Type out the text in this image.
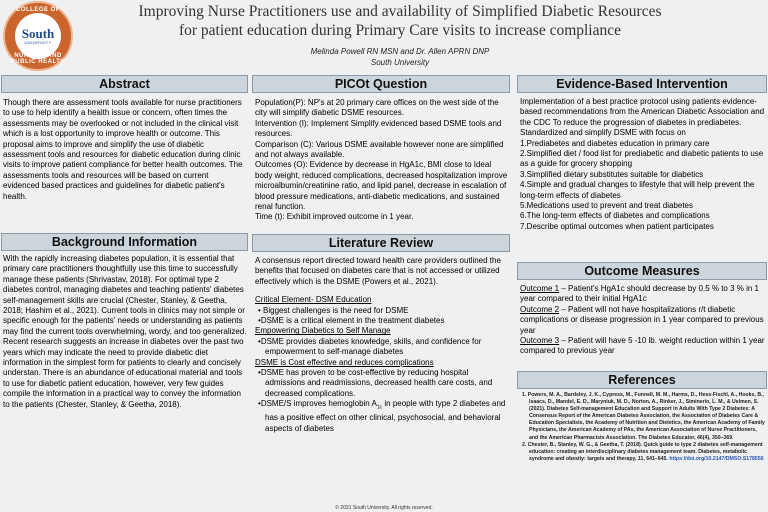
COLLEGE OF
South
UNIVERSITY
NURSING AND PUBLIC HEALTH
Improving Nurse Practitioners use and availability of Simplified Diabetic Resources
for patient education during Primary Care visits to increase compliance
Melinda Powell RN MSN and Dr. Allen APRN DNP
South University
Abstract
Though there are assessment tools available for nurse practitioners to use to help identify a health issue or concern, often times the assessments may be overlooked or not included in the clinical visit which is a lost opportunity to improve health or outcome. This proposal aims to improve and simplify the use of diabetic assessment tools and resources for diabetic education during clinic visits to improve patient compliance for better health outcomes. The assessments tools and resources will be based on current evidenced based practices and guidelines for diabetic patient's health.
Background Information
With the rapidly increasing diabetes population, it is essential that primary care practitioners thoughtfully use this time to successfully manage these patients (Shrivastav, 2018). For optimal type 2 diabetes control, managing diabetes and teaching patients' diabetes self-management skills are crucial (Chester, Stanley, & Geetha, 2018; Hashim et al., 2021). Current tools in clinics may not simple or specific enough for the patients' needs or understanding as patients may find the current tools overwhelming, wordy, and too generalized. Recent research suggests an increase in diabetes over the past two years which may indicate the need to provide diabetic diet information in the simplest form for patients to clearly and concisely understan. There is an abundance of educational material and tools to use for diabetic patient education, however, very few guides compile the information in a practical way to convey the information to the patients (Chester, Stanley, & Geetha, 2018).
PICOt Question

Population(P): NP's at 20 primary care offices on the west side of the city will simplify diabetic DSME resources.

Intervention (I): Implement Simplify evidenced based DSME tools and resources.

Comparison (C): Various DSME available however none are simplified and not always available.

Outcomes (O): Evidence by decrease in HgA1c, BMI close to Ideal body weight, reduced complications, decreased hospitalization improve microalbumin/creatinine ratio, and lipid panel, decrease in escalation of blood pressure medications, anti-diabetic medications, and sustained renal function.

Time (t): Exhibit improved outcome in 1 year.

Literature Review

A consensus report directed toward health care providers outlined the benefits that focused on diabetes care that is not accessed or utilized effectively which is the DSME (Powers et al., 2021).

Critical Element- DSM Education

• Biggest challenges is the need for DSME

•DSME is a critical element in the treatment diabetes

Empowering Diabetics to Self Manage

•DSME provides diabetes knowledge, skills, and confidence for empowerment to self-manage diabetes

DSME is Cost effective and reduces complications

•DSME has proven to be cost-effective by reducing hospital admissions and readmissions, decreased health care costs, and decreased complications.

•DSME/S improves hemoglobin $A_{1c}$ in people with type 2 diabetes and has a positive effect on other clinical, psychosocial, and behavioral aspects of diabetes

Evidence-Based Intervention

Implementation of a best practice protocol using patients evidence-based recommendations from the American Diabetic Association and the CDC To reduce the progression of diabetes in prediabetes.

Standardized and simplify DSME with focus on

1.Prediabetes and diabetes education in primary care

2.Simplified diet / food list for prediabetic and diabetic patients to use as a guide for grocery shopping

3.Simplified dietary substitutes suitable for diabetics

4.Simple and gradual changes to lifestyle that will help prevent the long-term effects of diabetes

5.Medications used to prevent and treat diabetes

6.The long-term effects of diabetes and complications

7.Describe optimal outcomes when patient participates

Outcome Measures

Outcome 1 – Patient's HgA1c should decrease by 0.5 % to 3 % in 1 year compared to their initial HgA1c

Outcome 2 – Patient will not have hospitalizations r/t diabetic complications or disease progression in 1 year compared to previous year

Outcome 3 – Patient will have 5 -10 lb. weight reduction within 1 year compared to previous year

References

1. Powers, M. A., Bardsley, J. K., Cypress, M., Funnell, M. M., Harms, D., Hess-Fischl, A., Hooks, B., Isaacs, D., Mandel, E. D., Maryniuk, M. D., Norton, A., Rinker, J., Siminerio, L. M., & Uelmen, S. (2021). Diabetes Self-management Education and Support in Adults With Type 2 Diabetes: A Consensus Report of the American Diabetes Association, the Association of Diabetes Care & Education Specialists, the Academy of Nutrition and Dietetics, the American Academy of Family Physicians, the American Academy of PAs, the American Association of Nurse Practitioners, and the American Pharmacists Association. The Diabetes Educator, 46(4), 350–369.

2. Chester, B., Stanley, W. G., & Geetha, T. (2018). Quick guide to type 2 diabetes self-management education: creating an interdisciplinary diabetes management team. Diabetes, metabolic syndrome and obesity: targets and therapy, 11, 641–645. https://doi.org/10.2147/DMSO.S178556

© 2021 South University. All rights reserved.
